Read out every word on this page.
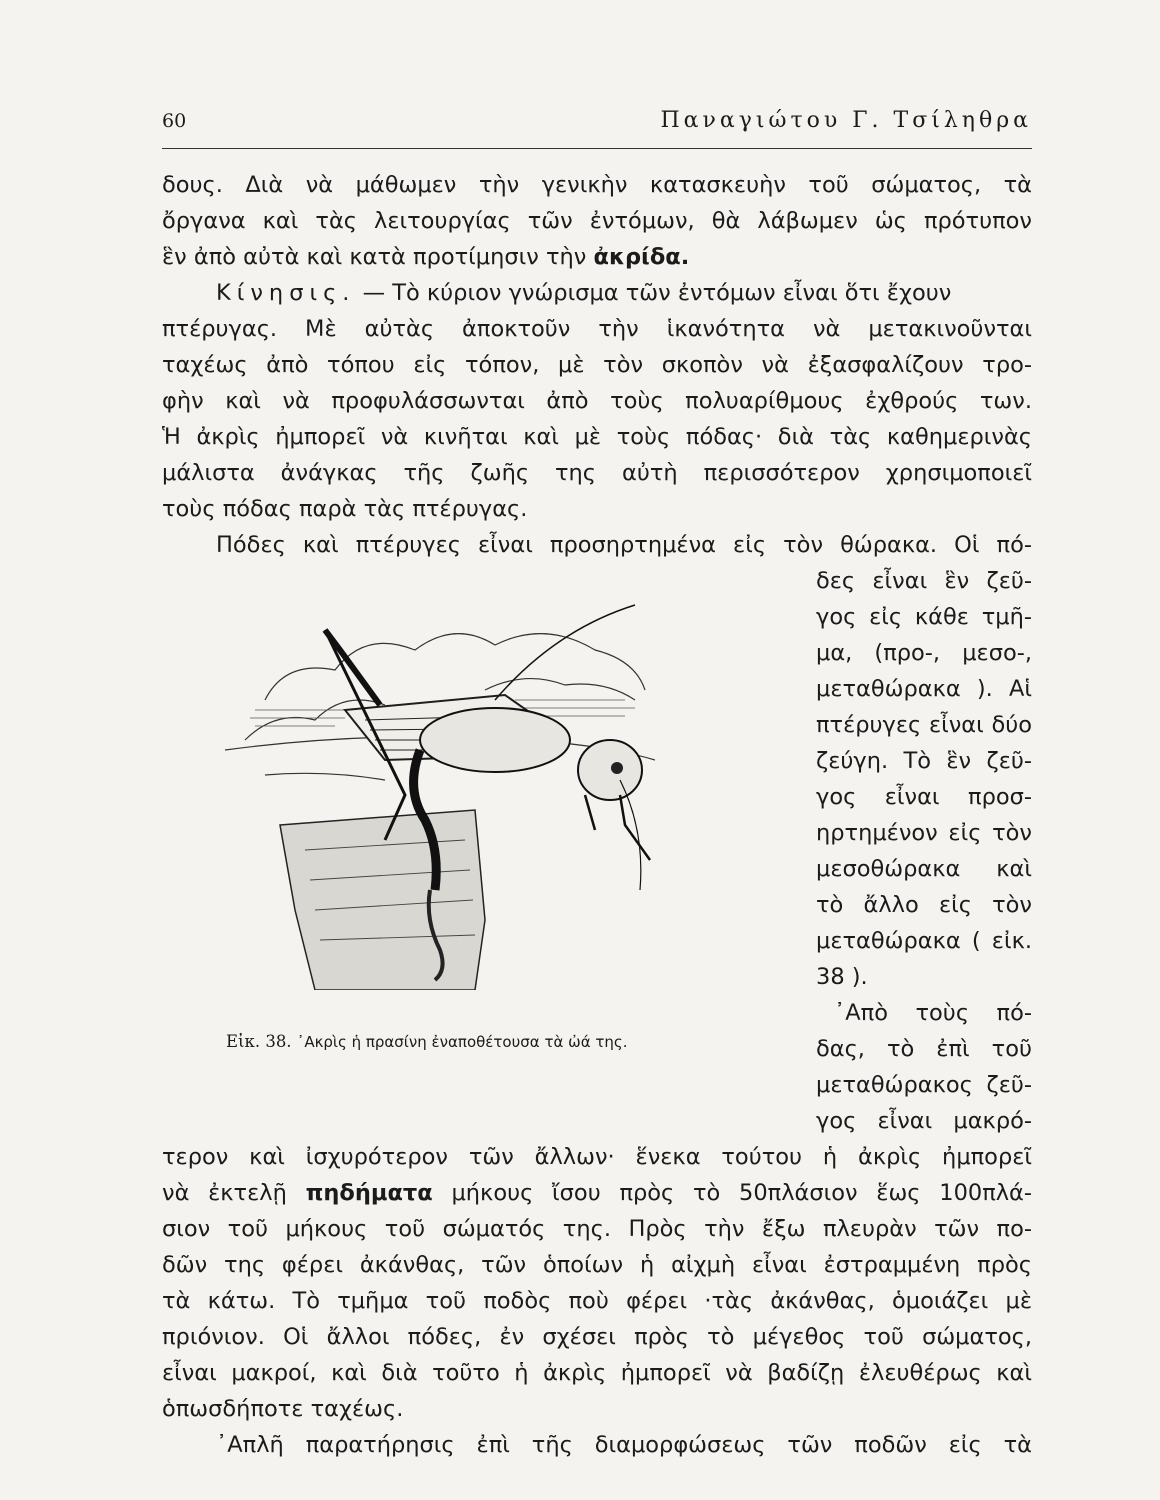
60	Παναγιώτου Γ. Τσίληθρα
δους. Διὰ νὰ μάθωμεν τὴν γενικὴν κατασκευὴν τοῦ σώματος, τὰ
ὄργανα καὶ τὰς λειτουργίας τῶν ἐντόμων, θὰ λάβωμεν ὡς πρότυπον
ἓν ἀπὸ αὐτὰ καὶ κατὰ προτίμησιν τὴν ἀκρίδα.
Κίνησις. — Τὸ κύριον γνώρισμα τῶν ἐντόμων εἶναι ὅτι ἔχουν
πτέρυγας. Μὲ αὐτὰς ἀποκτοῦν τὴν ἱκανότητα νὰ μετακινοῦνται
ταχέως ἀπὸ τόπου εἰς τόπον, μὲ τὸν σκοπὸν νὰ ἐξασφαλίζουν τρο-
φὴν καὶ νὰ προφυλάσσωνται ἀπὸ τοὺς πολυαρίθμους ἐχθρούς των.
Ἡ ἀκρὶς ἠμπορεῖ νὰ κινῆται καὶ μὲ τοὺς πόδας· διὰ τὰς καθημερινὰς
μάλιστα ἀνάγκας τῆς ζωῆς της αὐτὴ περισσότερον χρησιμοποιεῖ
τοὺς πόδας παρὰ τὰς πτέρυγας.
Πόδες καὶ πτέρυγες εἶναι προσηρτημένα εἰς τὸν θώρακα. Οἱ πό-
δες εἶναι ἓν ζεῦ-
γος εἰς κάθε τμῆ-
μα, (προ-, μεσο-,
μεταθώρακα ). Αἱ
πτέρυγες εἶναι δύο
ζεύγη. Τὸ ἓν ζεῦ-
γος εἶναι προσ-
ηρτημένον εἰς τὸν
μεσοθώρακα καὶ
τὸ ἄλλο εἰς τὸν
μεταθώρακα ( εἰκ.
38 ).
᾿Απὸ τοὺς πό-
δας, τὸ ἐπὶ τοῦ
μεταθώρακος ζεῦ-
γος εἶναι μακρό-
Εἰκ. 38. ᾿Ακρὶς ἡ πρασίνη ἐναποθέτουσα τὰ ὠά της.
τερον καὶ ἰσχυρότερον τῶν ἄλλων· ἕνεκα τούτου ἡ ἀκρὶς ἠμπορεῖ
νὰ ἐκτελῇ πηδήματα μήκους ἴσου πρὸς τὸ 50πλάσιον ἕως 100πλά-
σιον τοῦ μήκους τοῦ σώματός της. Πρὸς τὴν ἔξω πλευρὰν τῶν πο-
δῶν της φέρει ἀκάνθας, τῶν ὁποίων ἡ αἰχμὴ εἶναι ἐστραμμένη πρὸς
τὰ κάτω. Τὸ τμῆμα τοῦ ποδὸς ποὺ φέρει ·τὰς ἀκάνθας, ὁμοιάζει μὲ
πριόνιον. Οἱ ἄλλοι πόδες, ἐν σχέσει πρὸς τὸ μέγεθος τοῦ σώματος,
εἶναι μακροί, καὶ διὰ τοῦτο ἡ ἀκρὶς ἠμπορεῖ νὰ βαδίζῃ ἐλευθέρως καὶ
ὁπωσδήποτε ταχέως.
᾿Απλῆ παρατήρησις ἐπὶ τῆς διαμορφώσεως τῶν ποδῶν εἰς τὰ
